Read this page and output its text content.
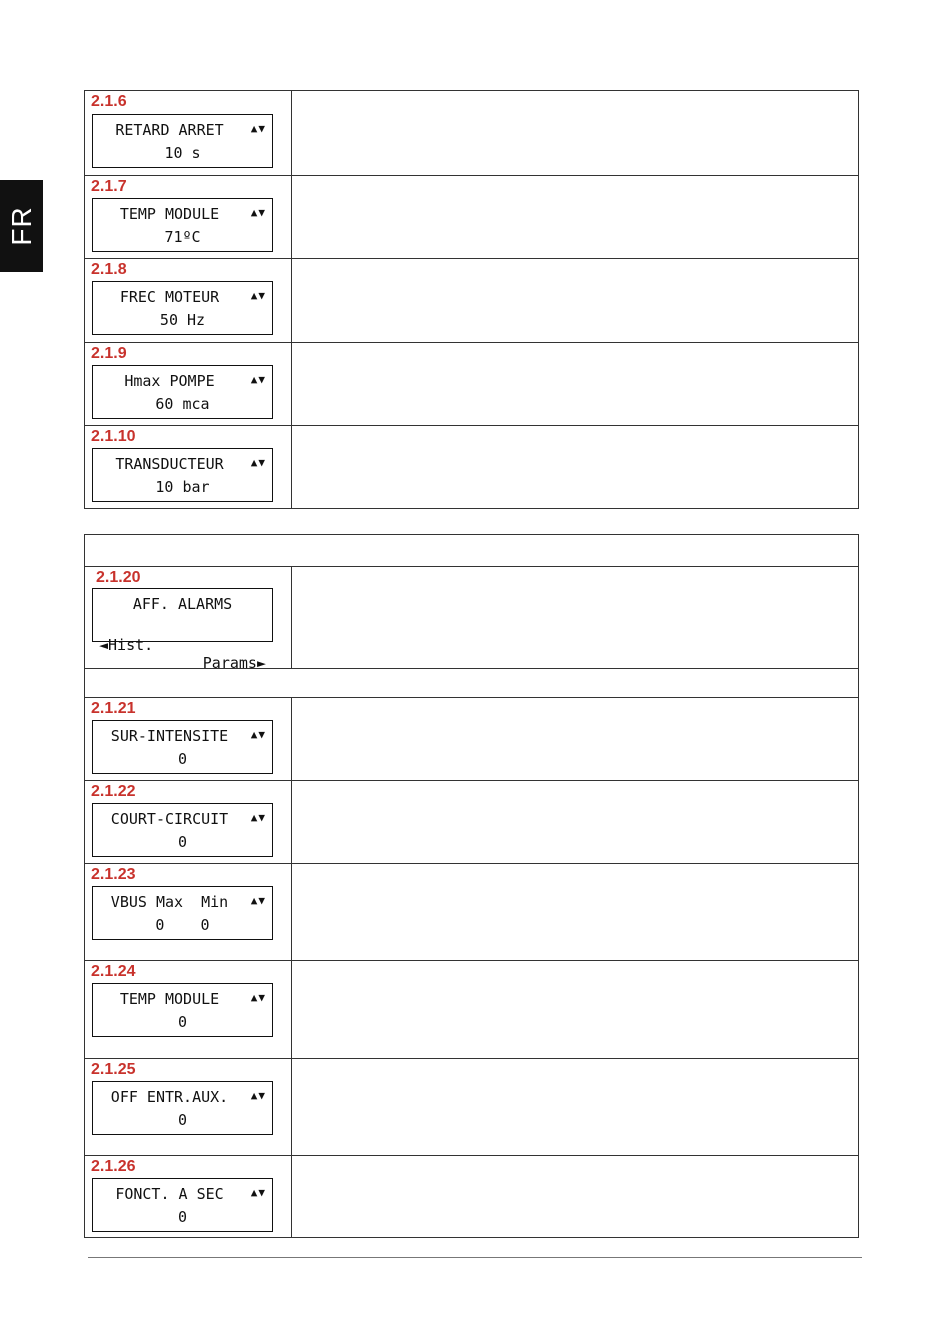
FR
2.1.6
RETARD ARRET	▲▼
10 s
2.1.7
TEMP MODULE	▲▼
71ºC
2.1.8
FREC MOTEUR	▲▼
50 Hz
2.1.9
Hmax POMPE	▲▼
60 mca
2.1.10
TRANSDUCTEUR	▲▼
10 bar
2.1.20
AFF. ALARMS

◄Hist.

Params►

2.1.21
SUR-INTENSITE	▲▼
0
2.1.22
COURT-CIRCUIT	▲▼
0
2.1.23
VBUS Max  Min	▲▼
0    0
2.1.24
TEMP MODULE	▲▼
0
2.1.25
OFF ENTR.AUX.	▲▼
0
2.1.26
FONCT. A SEC	▲▼
0
